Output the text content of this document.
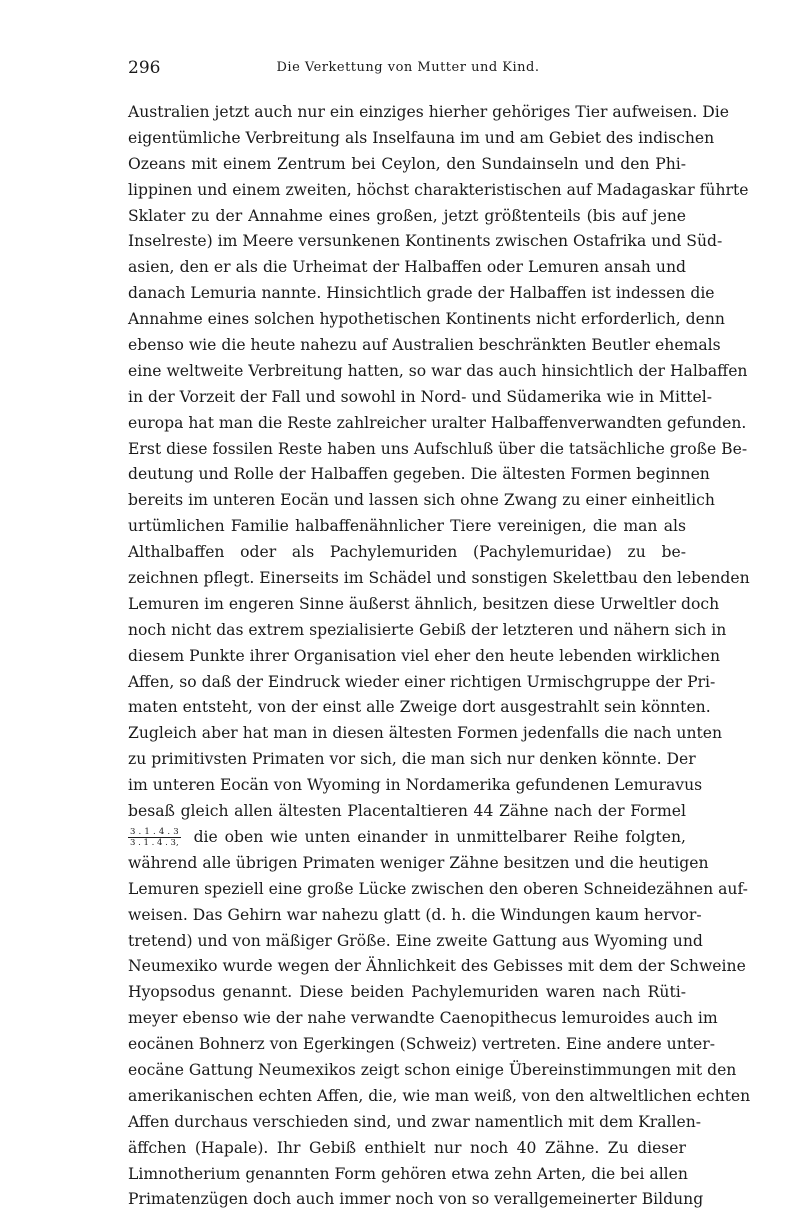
296	Die Verkettung von Mutter und Kind.
Australien jetzt auch nur ein einziges hierher gehöriges Tier aufweisen. Die
eigentümliche Verbreitung als Inselfauna im und am Gebiet des indischen
Ozeans mit einem Zentrum bei Ceylon, den Sundainseln und den Phi-
lippinen und einem zweiten, höchst charakteristischen auf Madagaskar führte
Sklater zu der Annahme eines großen, jetzt größtenteils (bis auf jene
Inselreste) im Meere versunkenen Kontinents zwischen Ostafrika und Süd-
asien, den er als die Urheimat der Halbaffen oder Lemuren ansah und
danach Lemuria nannte. Hinsichtlich grade der Halbaffen ist indessen die
Annahme eines solchen hypothetischen Kontinents nicht erforderlich, denn
ebenso wie die heute nahezu auf Australien beschränkten Beutler ehemals
eine weltweite Verbreitung hatten, so war das auch hinsichtlich der Halbaffen
in der Vorzeit der Fall und sowohl in Nord- und Südamerika wie in Mittel-
europa hat man die Reste zahlreicher uralter Halbaffenverwandten gefunden.
Erst diese fossilen Reste haben uns Aufschluß über die tatsächliche große Be-
deutung und Rolle der Halbaffen gegeben. Die ältesten Formen beginnen
bereits im unteren Eocän und lassen sich ohne Zwang zu einer einheitlich
urtümlichen Familie halbaffenähnlicher Tiere vereinigen, die man als
Althalbaffen oder als Pachylemuriden (Pachylemuridae) zu be-
zeichnen pflegt. Einerseits im Schädel und sonstigen Skelettbau den lebenden
Lemuren im engeren Sinne äußerst ähnlich, besitzen diese Urweltler doch
noch nicht das extrem spezialisierte Gebiß der letzteren und nähern sich in
diesem Punkte ihrer Organisation viel eher den heute lebenden wirklichen
Affen, so daß der Eindruck wieder einer richtigen Urmischgruppe der Pri-
maten entsteht, von der einst alle Zweige dort ausgestrahlt sein könnten.
Zugleich aber hat man in diesen ältesten Formen jedenfalls die nach unten
zu primitivsten Primaten vor sich, die man sich nur denken könnte. Der
im unteren Eocän von Wyoming in Nordamerika gefundenen Lemuravus
besaß gleich allen ältesten Placentaltieren 44 Zähne nach der Formel
$\frac{3 . 1 . 4 . 3}{3 . 1 . 4 . 3,}$ die oben wie unten einander in unmittelbarer Reihe folgten,
während alle übrigen Primaten weniger Zähne besitzen und die heutigen
Lemuren speziell eine große Lücke zwischen den oberen Schneidezähnen auf-
weisen. Das Gehirn war nahezu glatt (d. h. die Windungen kaum hervor-
tretend) und von mäßiger Größe. Eine zweite Gattung aus Wyoming und
Neumexiko wurde wegen der Ähnlichkeit des Gebisses mit dem der Schweine
Hyopsodus genannt. Diese beiden Pachylemuriden waren nach Rüti-
meyer ebenso wie der nahe verwandte Caenopithecus lemuroides auch im
eocänen Bohnerz von Egerkingen (Schweiz) vertreten. Eine andere unter-
eocäne Gattung Neumexikos zeigt schon einige Übereinstimmungen mit den
amerikanischen echten Affen, die, wie man weiß, von den altweltlichen echten
Affen durchaus verschieden sind, und zwar namentlich mit dem Krallen-
äffchen (Hapale). Ihr Gebiß enthielt nur noch 40 Zähne. Zu dieser
Limnotherium genannten Form gehören etwa zehn Arten, die bei allen
Primatenzügen doch auch immer noch von so verallgemeinerter Bildung
